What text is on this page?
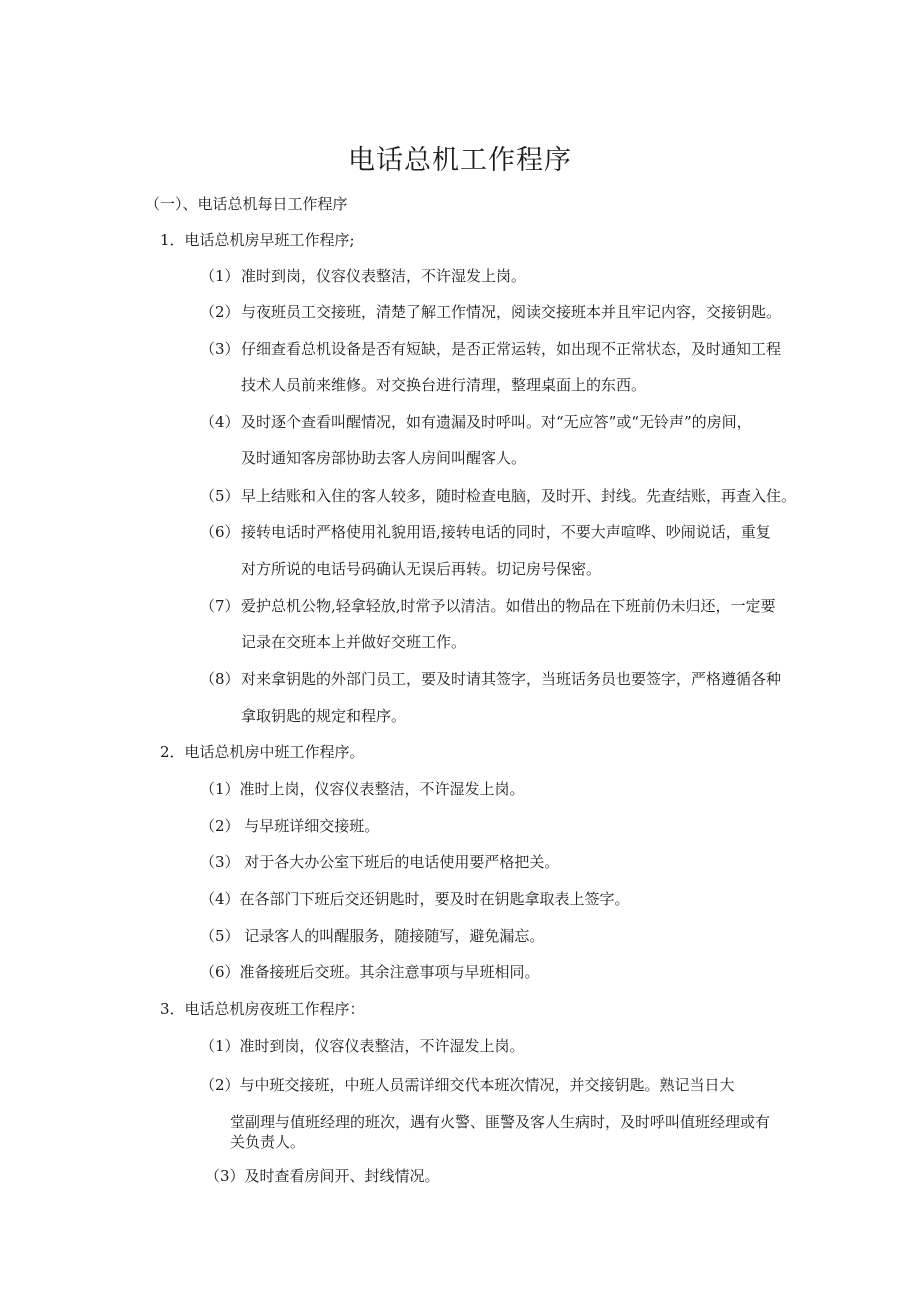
电话总机工作程序
（一）、电话总机每日工作程序
1．电话总机房早班工作程序;
（1） 准时到岗，仪容仪表整洁，不许湿发上岗。
（2） 与夜班员工交接班，清楚了解工作情况，阅读交接班本并且牢记内容，交接钥匙。
（3） 仔细查看总机设备是否有短缺，是否正常运转，如出现不正常状态，及时通知工程
技术人员前来维修。对交换台进行清理，整理桌面上的东西。
（4） 及时逐个查看叫醒情况，如有遗漏及时呼叫。对“无应答”或“无铃声”的房间，
及时通知客房部协助去客人房间叫醒客人。
（5） 早上结账和入住的客人较多，随时检查电脑，及时开、封线。先查结账，再查入住。
（6） 接转电话时严格使用礼貌用语,接转电话的同时，不要大声喧哗、吵闹说话，重复
对方所说的电话号码确认无误后再转。切记房号保密。
（7） 爱护总机公物,轻拿轻放,时常予以清洁。如借出的物品在下班前仍未归还，一定要
记录在交班本上并做好交班工作。
（8） 对来拿钥匙的外部门员工，要及时请其签字，当班话务员也要签字，严格遵循各种
拿取钥匙的规定和程序。
2．电话总机房中班工作程序。
（1）准时上岗，仪容仪表整洁，不许湿发上岗。
（2） 与早班详细交接班。
（3） 对于各大办公室下班后的电话使用要严格把关。
（4）在各部门下班后交还钥匙时，要及时在钥匙拿取表上签字。
（5） 记录客人的叫醒服务，随接随写，避免漏忘。
（6）准备接班后交班。其余注意事项与早班相同。
3．电话总机房夜班工作程序：
（1）准时到岗，仪容仪表整洁，不许湿发上岗。
（2）与中班交接班，中班人员需详细交代本班次情况，并交接钥匙。熟记当日大
堂副理与值班经理的班次，遇有火警、匪警及客人生病时，及时呼叫值班经理或有
关负责人。
（3）及时查看房间开、封线情况。
